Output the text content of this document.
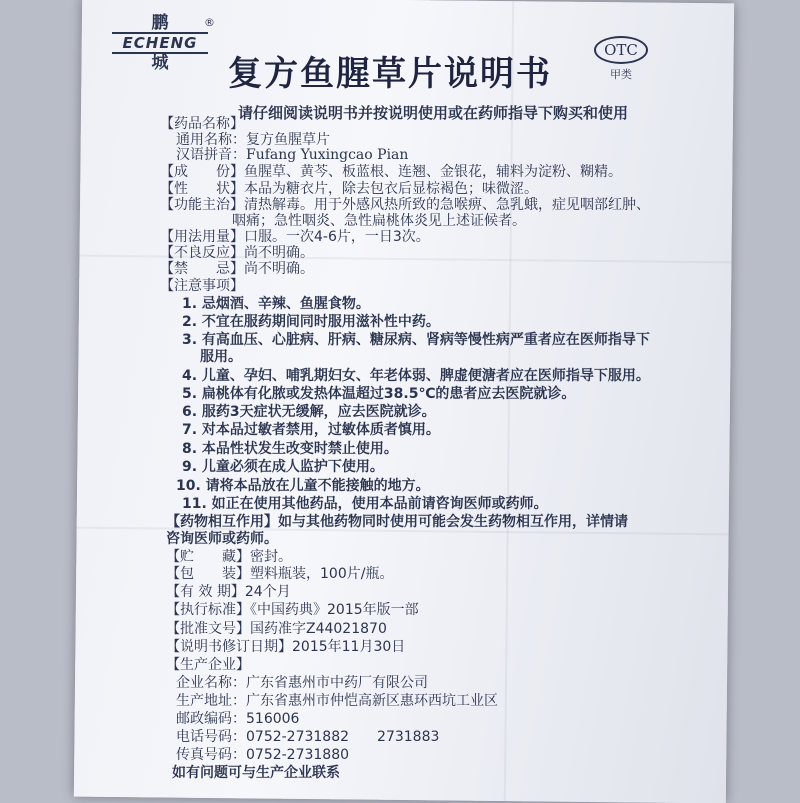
鹏
ECHENG
城
®
复方鱼腥草片说明书
OTC
甲类
请仔细阅读说明书并按说明使用或在药师指导下购买和使用
【药品名称】
通用名称：复方鱼腥草片
汉语拼音：Fufang Yuxingcao Pian
【成　　份】鱼腥草、黄芩、板蓝根、连翘、金银花，辅料为淀粉、糊精。
【性　　状】本品为糖衣片，除去包衣后显棕褐色；味微涩。
【功能主治】清热解毒。用于外感风热所致的急喉痹、急乳蛾，症见咽部红肿、
咽痛；急性咽炎、急性扁桃体炎见上述证候者。
【用法用量】口服。一次4-6片，一日3次。
【不良反应】尚不明确。
【禁　　忌】尚不明确。
【注意事项】
1. 忌烟酒、辛辣、鱼腥食物。
2. 不宜在服药期间同时服用滋补性中药。
3. 有高血压、心脏病、肝病、糖尿病、肾病等慢性病严重者应在医师指导下
服用。
4. 儿童、孕妇、哺乳期妇女、年老体弱、脾虚便溏者应在医师指导下服用。
5. 扁桃体有化脓或发热体温超过38.5℃的患者应去医院就诊。
6. 服药3天症状无缓解，应去医院就诊。
7. 对本品过敏者禁用，过敏体质者慎用。
8. 本品性状发生改变时禁止使用。
9. 儿童必须在成人监护下使用。
10. 请将本品放在儿童不能接触的地方。
11. 如正在使用其他药品，使用本品前请咨询医师或药师。
【药物相互作用】如与其他药物同时使用可能会发生药物相互作用，详情请
咨询医师或药师。
【贮　　藏】密封。
【包　　装】塑料瓶装，100片/瓶。
【有 效 期】24个月
【执行标准】《中国药典》2015年版一部
【批准文号】国药准字Z44021870
【说明书修订日期】2015年11月30日
【生产企业】
企业名称：广东省惠州市中药厂有限公司
生产地址：广东省惠州市仲恺高新区惠环西坑工业区
邮政编码：516006
电话号码：0752-2731882　　2731883
传真号码：0752-2731880
如有问题可与生产企业联系
